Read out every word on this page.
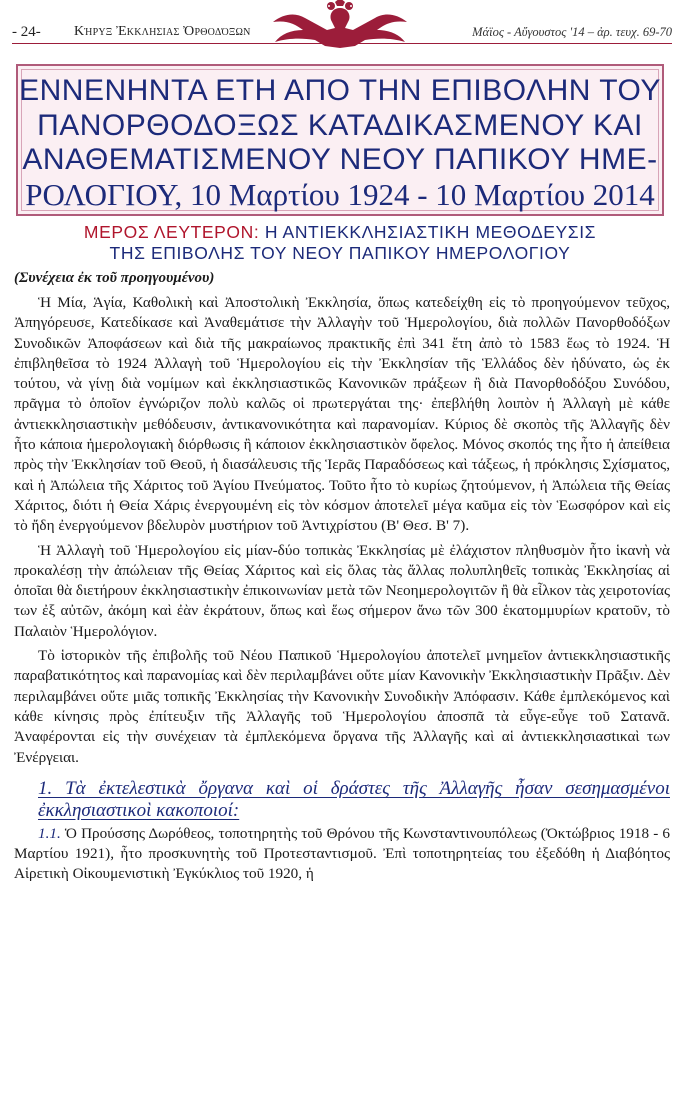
- 24- Κήρυξ Ἐκκλησιας Ὀρθοδόξων	Μάϊος - Αὔγουστος '14 – ἀρ. τευχ. 69-70
ΕΝΝΕΝΗΝΤΑ ΕΤΗ ΑΠΟ ΤΗΝ ΕΠΙΒΟΛΗΝ ΤΟΥ
ΠΑΝΟΡΘΟΔΟΞΩΣ ΚΑΤΑΔΙΚΑΣΜΕΝΟΥ ΚΑΙ
ΑΝΑΘΕΜΑΤΙΣΜΕΝΟΥ ΝΕΟΥ ΠΑΠΙΚΟΥ ΗΜΕ-
ΡΟΛΟΓΙΟΥ, 10 Μαρτίου 1924 - 10 Μαρτίου 2014
ΜΕΡΟΣ ΛΕΥΤΕΡΟΝ: Η ΑΝΤΙΕΚΚΛΗΣΙΑΣΤΙΚΗ ΜΕΘΟΔΕΥΣΙΣ
ΤΗΣ ΕΠΙΒΟΛΗΣ ΤΟΥ ΝΕΟΥ ΠΑΠΙΚΟΥ ΗΜΕΡΟΛΟΓΙΟΥ
(Συνέχεια ἐκ τοῦ προηγουμένου)

Ἡ Μία, Ἁγία, Καθολικὴ καὶ Ἀποστολικὴ Ἐκκλησία, ὅπως κατεδείχθη εἰς τὸ προηγούμενον τεῦχος, Ἀπηγόρευσε, Κατεδίκασε καὶ Ἀναθεμάτισε τὴν Ἀλλαγὴν τοῦ Ἡμερολογίου, διὰ πολλῶν Πανορθοδόξων Συνοδικῶν Ἀποφάσεων καὶ διὰ τῆς μακραίωνος πρακτικῆς ἐπὶ 341 ἔτη ἀπὸ τὸ 1583 ἕως τὸ 1924. Ἡ ἐπιβληθεῖσα τὸ 1924 Ἀλλαγὴ τοῦ Ἡμερολογίου εἰς τὴν Ἐκκλησίαν τῆς Ἑλλάδος δὲν ἠδύνατο, ὡς ἐκ τούτου, νὰ γίνῃ διὰ νομίμων καὶ ἐκκλησιαστικῶς Κανονικῶν πράξεων ἢ διὰ Πανορθοδόξου Συνόδου, πρᾶγμα τὸ ὁποῖον ἐγνώριζον πολὺ καλῶς οἱ πρωτεργάται της· ἐπεβλήθη λοιπὸν ἡ Ἀλλαγὴ μὲ κάθε ἀντιεκκλησιαστικὴν μεθόδευσιν, ἀντικανονικότητα καὶ παρανομίαν. Κύριος δὲ σκοπὸς τῆς Ἀλλαγῆς δὲν ἦτο κάποια ἡμερολογιακὴ διόρθωσις ἢ κάποιον ἐκκλησιαστικὸν ὄφελος. Μόνος σκοπός της ἦτο ἡ ἀπείθεια πρὸς τὴν Ἐκκλησίαν τοῦ Θεοῦ, ἡ διασάλευσις τῆς Ἱερᾶς Παραδόσεως καὶ τάξεως, ἡ πρόκλησις Σχίσματος, καὶ ἡ Ἀπώλεια τῆς Χάριτος τοῦ Ἁγίου Πνεύματος. Τοῦτο ἦτο τὸ κυρίως ζητούμενον, ἡ Ἀπώλεια τῆς Θείας Χάριτος, διότι ἡ Θεία Χάρις ἐνεργουμένη εἰς τὸν κόσμον ἀποτελεῖ μέγα καῦμα εἰς τὸν Ἑωσφόρον καὶ εἰς τὸ ἤδη ἐνεργούμενον βδελυρὸν μυστήριον τοῦ Ἀντιχρίστου (Β' Θεσ. Β' 7).

Ἡ Ἀλλαγὴ τοῦ Ἡμερολογίου εἰς μίαν-δύο τοπικὰς Ἐκκλησίας μὲ ἐλάχιστον πληθυσμὸν ἦτο ἱκανὴ νὰ προκαλέσῃ τὴν ἀπώλειαν τῆς Θείας Χάριτος καὶ εἰς ὅλας τὰς ἄλλας πολυπληθεῖς τοπικὰς Ἐκκλησίας αἱ ὁποῖαι θὰ διετήρουν ἐκκλησιαστικὴν ἐπικοινωνίαν μετὰ τῶν Νεοημερολογιτῶν ἢ θὰ εἶλκον τὰς χειροτονίας των ἐξ αὐτῶν, ἀκόμη καὶ ἐὰν ἐκράτουν, ὅπως καὶ ἕως σήμερον ἄνω τῶν 300 ἑκατομμυρίων κρατοῦν, τὸ Παλαιὸν Ἡμερολόγιον.

Τὸ ἱστορικὸν τῆς ἐπιβολῆς τοῦ Νέου Παπικοῦ Ἡμερολογίου ἀποτελεῖ μνημεῖον ἀντιεκκλησιαστικῆς παραβατικότητος καὶ παρανομίας καὶ δὲν περιλαμβάνει οὔτε μίαν Κανονικὴν Ἐκκλησιαστικὴν Πρᾶξιν. Δὲν περιλαμβάνει οὔτε μιᾶς τοπικῆς Ἐκκλησίας τὴν Κανονικὴν Συνοδικὴν Ἀπόφασιν. Κάθε ἐμπλεκόμενος καὶ κάθε κίνησις πρὸς ἐπίτευξιν τῆς Ἀλλαγῆς τοῦ Ἡμερολογίου ἀποσπᾶ τὰ εὖγε-εὖγε τοῦ Σατανᾶ. Ἀναφέρονται εἰς τὴν συνέχειαν τὰ ἐμπλεκόμενα ὄργανα τῆς Ἀλλαγῆς καὶ αἱ ἀντιεκκλησιασtικαὶ των Ἐνέργειαι.

1. Τὰ ἐκτελεστικὰ ὄργανα καὶ οἱ δράστες τῆς Ἀλλαγῆς ἦσαν σεσημασμένοι ἐκκλησιαστικοὶ κακοποιοί:

1.1. Ὁ Προύσσης Δωρόθεος, τοποτηρητὴς τοῦ Θρόνου τῆς Κωνσταντινουπόλεως (Ὀκτώβριος 1918 - 6 Μαρτίου 1921), ἦτο προσκυνητὴς τοῦ Προτεσταντισμοῦ. Ἐπὶ τοποτηρητείας του ἐξεδόθη ἡ Διαβόητος Αἱρετικὴ Οἰκουμενιστικὴ Ἐγκύκλιος τοῦ 1920, ἡ
